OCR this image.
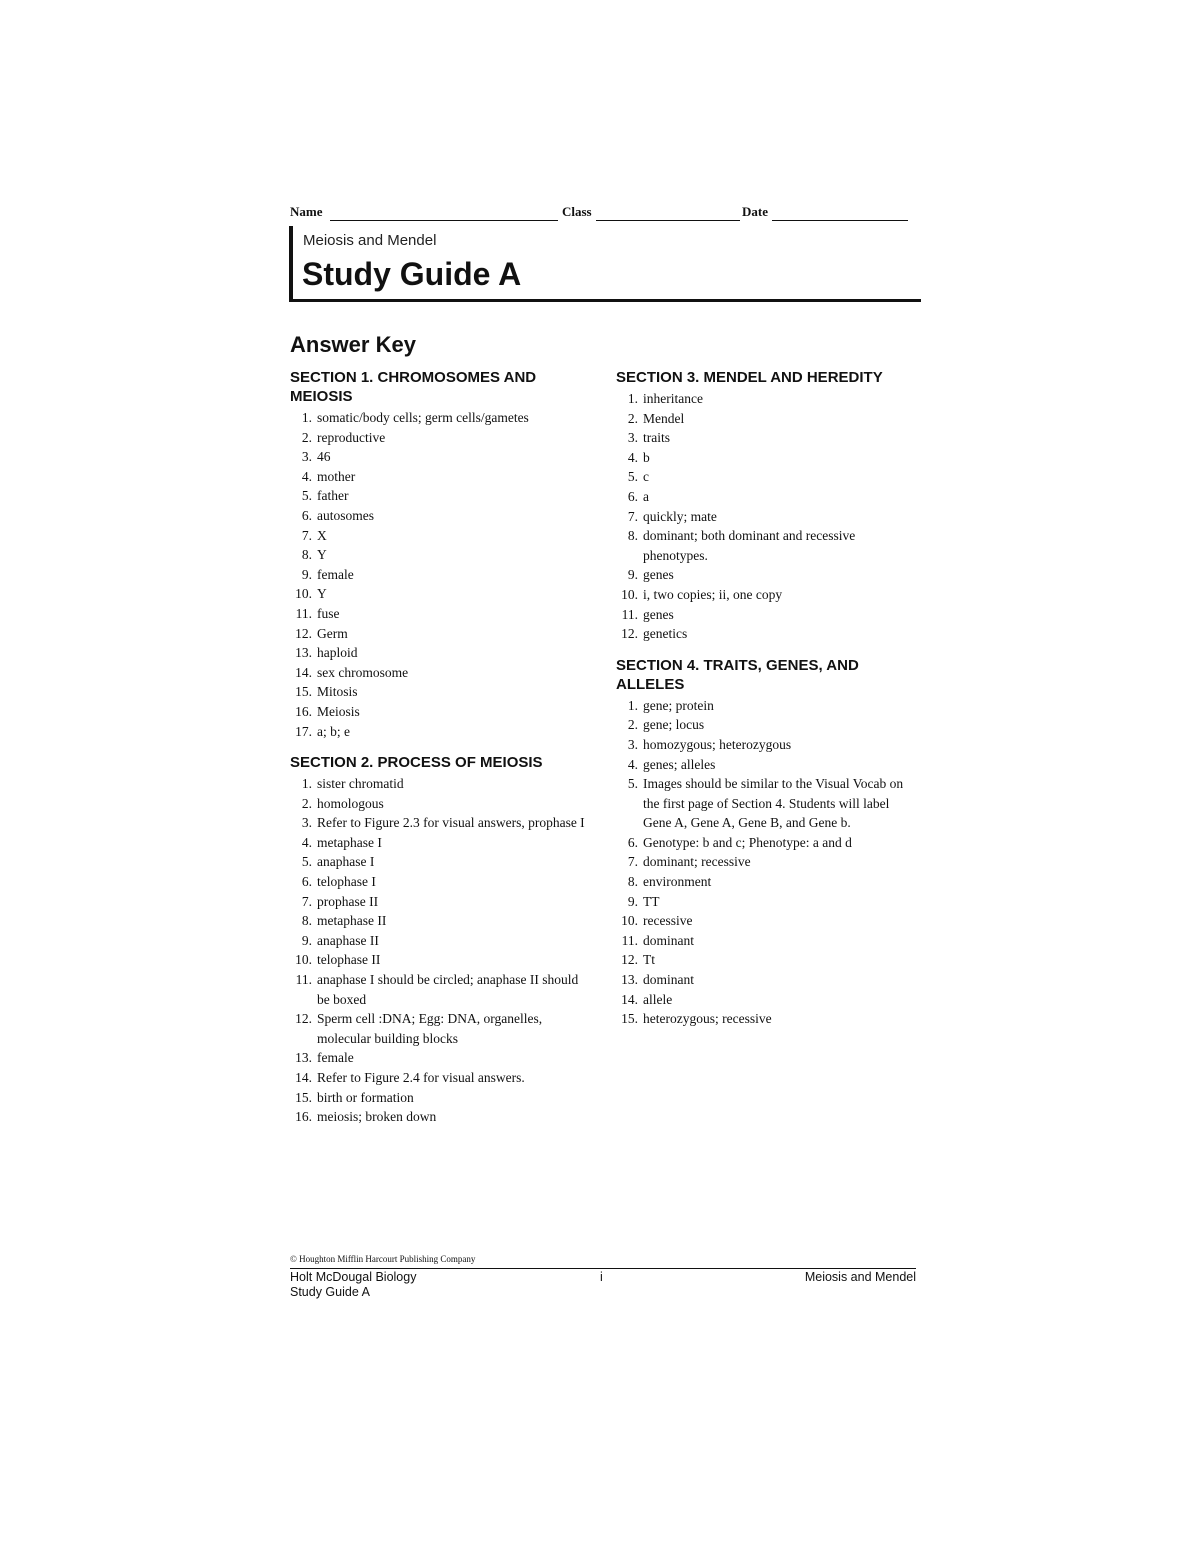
Name	Class	Date
Meiosis and Mendel
Study Guide A
Answer Key
SECTION 1. CHROMOSOMES AND MEIOSIS
1. somatic/body cells; germ cells/gametes
2. reproductive
3. 46
4. mother
5. father
6. autosomes
7. X
8. Y
9. female
10. Y
11. fuse
12. Germ
13. haploid
14. sex chromosome
15. Mitosis
16. Meiosis
17. a; b; e
SECTION 2. PROCESS OF MEIOSIS
1. sister chromatid
2. homologous
3. Refer to Figure 2.3 for visual answers, prophase I
4. metaphase I
5. anaphase I
6. telophase I
7. prophase II
8. metaphase II
9. anaphase II
10. telophase II
11. anaphase I should be circled; anaphase II should be boxed
12. Sperm cell :DNA; Egg: DNA, organelles, molecular building blocks
13. female
14. Refer to Figure 2.4 for visual answers.
15. birth or formation
16. meiosis; broken down
SECTION 3. MENDEL AND HEREDITY
1. inheritance
2. Mendel
3. traits
4. b
5. c
6. a
7. quickly; mate
8. dominant; both dominant and recessive phenotypes.
9. genes
10. i, two copies; ii, one copy
11. genes
12. genetics
SECTION 4. TRAITS, GENES, AND ALLELES
1. gene; protein
2. gene; locus
3. homozygous; heterozygous
4. genes; alleles
5. Images should be similar to the Visual Vocab on the first page of Section 4. Students will label Gene A, Gene A, Gene B, and Gene b.
6. Genotype: b and c; Phenotype: a and d
7. dominant; recessive
8. environment
9. TT
10. recessive
11. dominant
12. Tt
13. dominant
14. allele
15. heterozygous; recessive
© Houghton Mifflin Harcourt Publishing Company
Holt McDougal Biology
Study Guide A
i	Meiosis and Mendel
